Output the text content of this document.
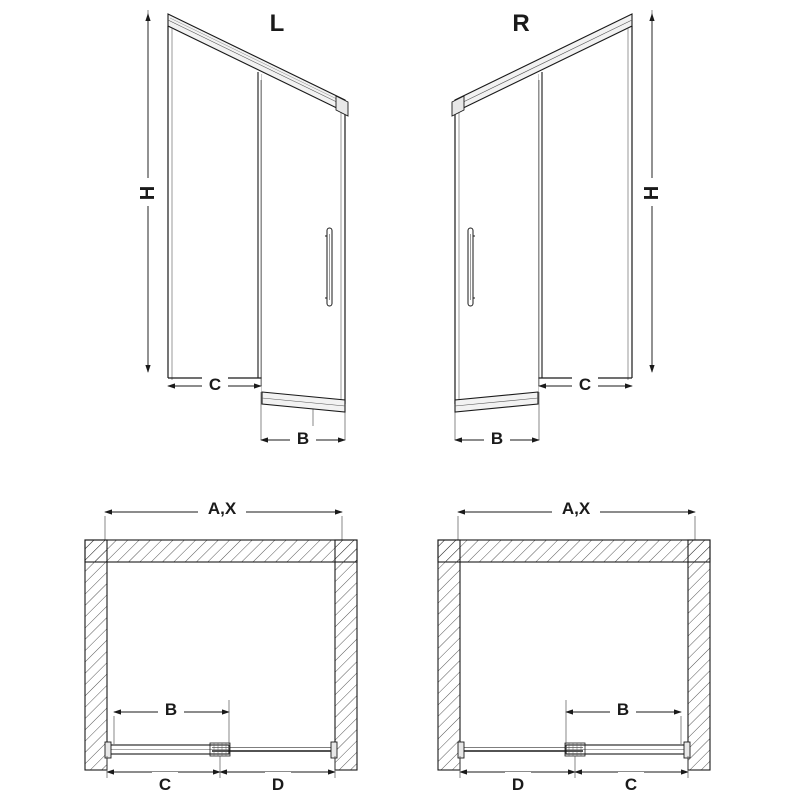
H
L
C
B
H
R
C
B
A,X
B
C	D
A,X
B
D	C
